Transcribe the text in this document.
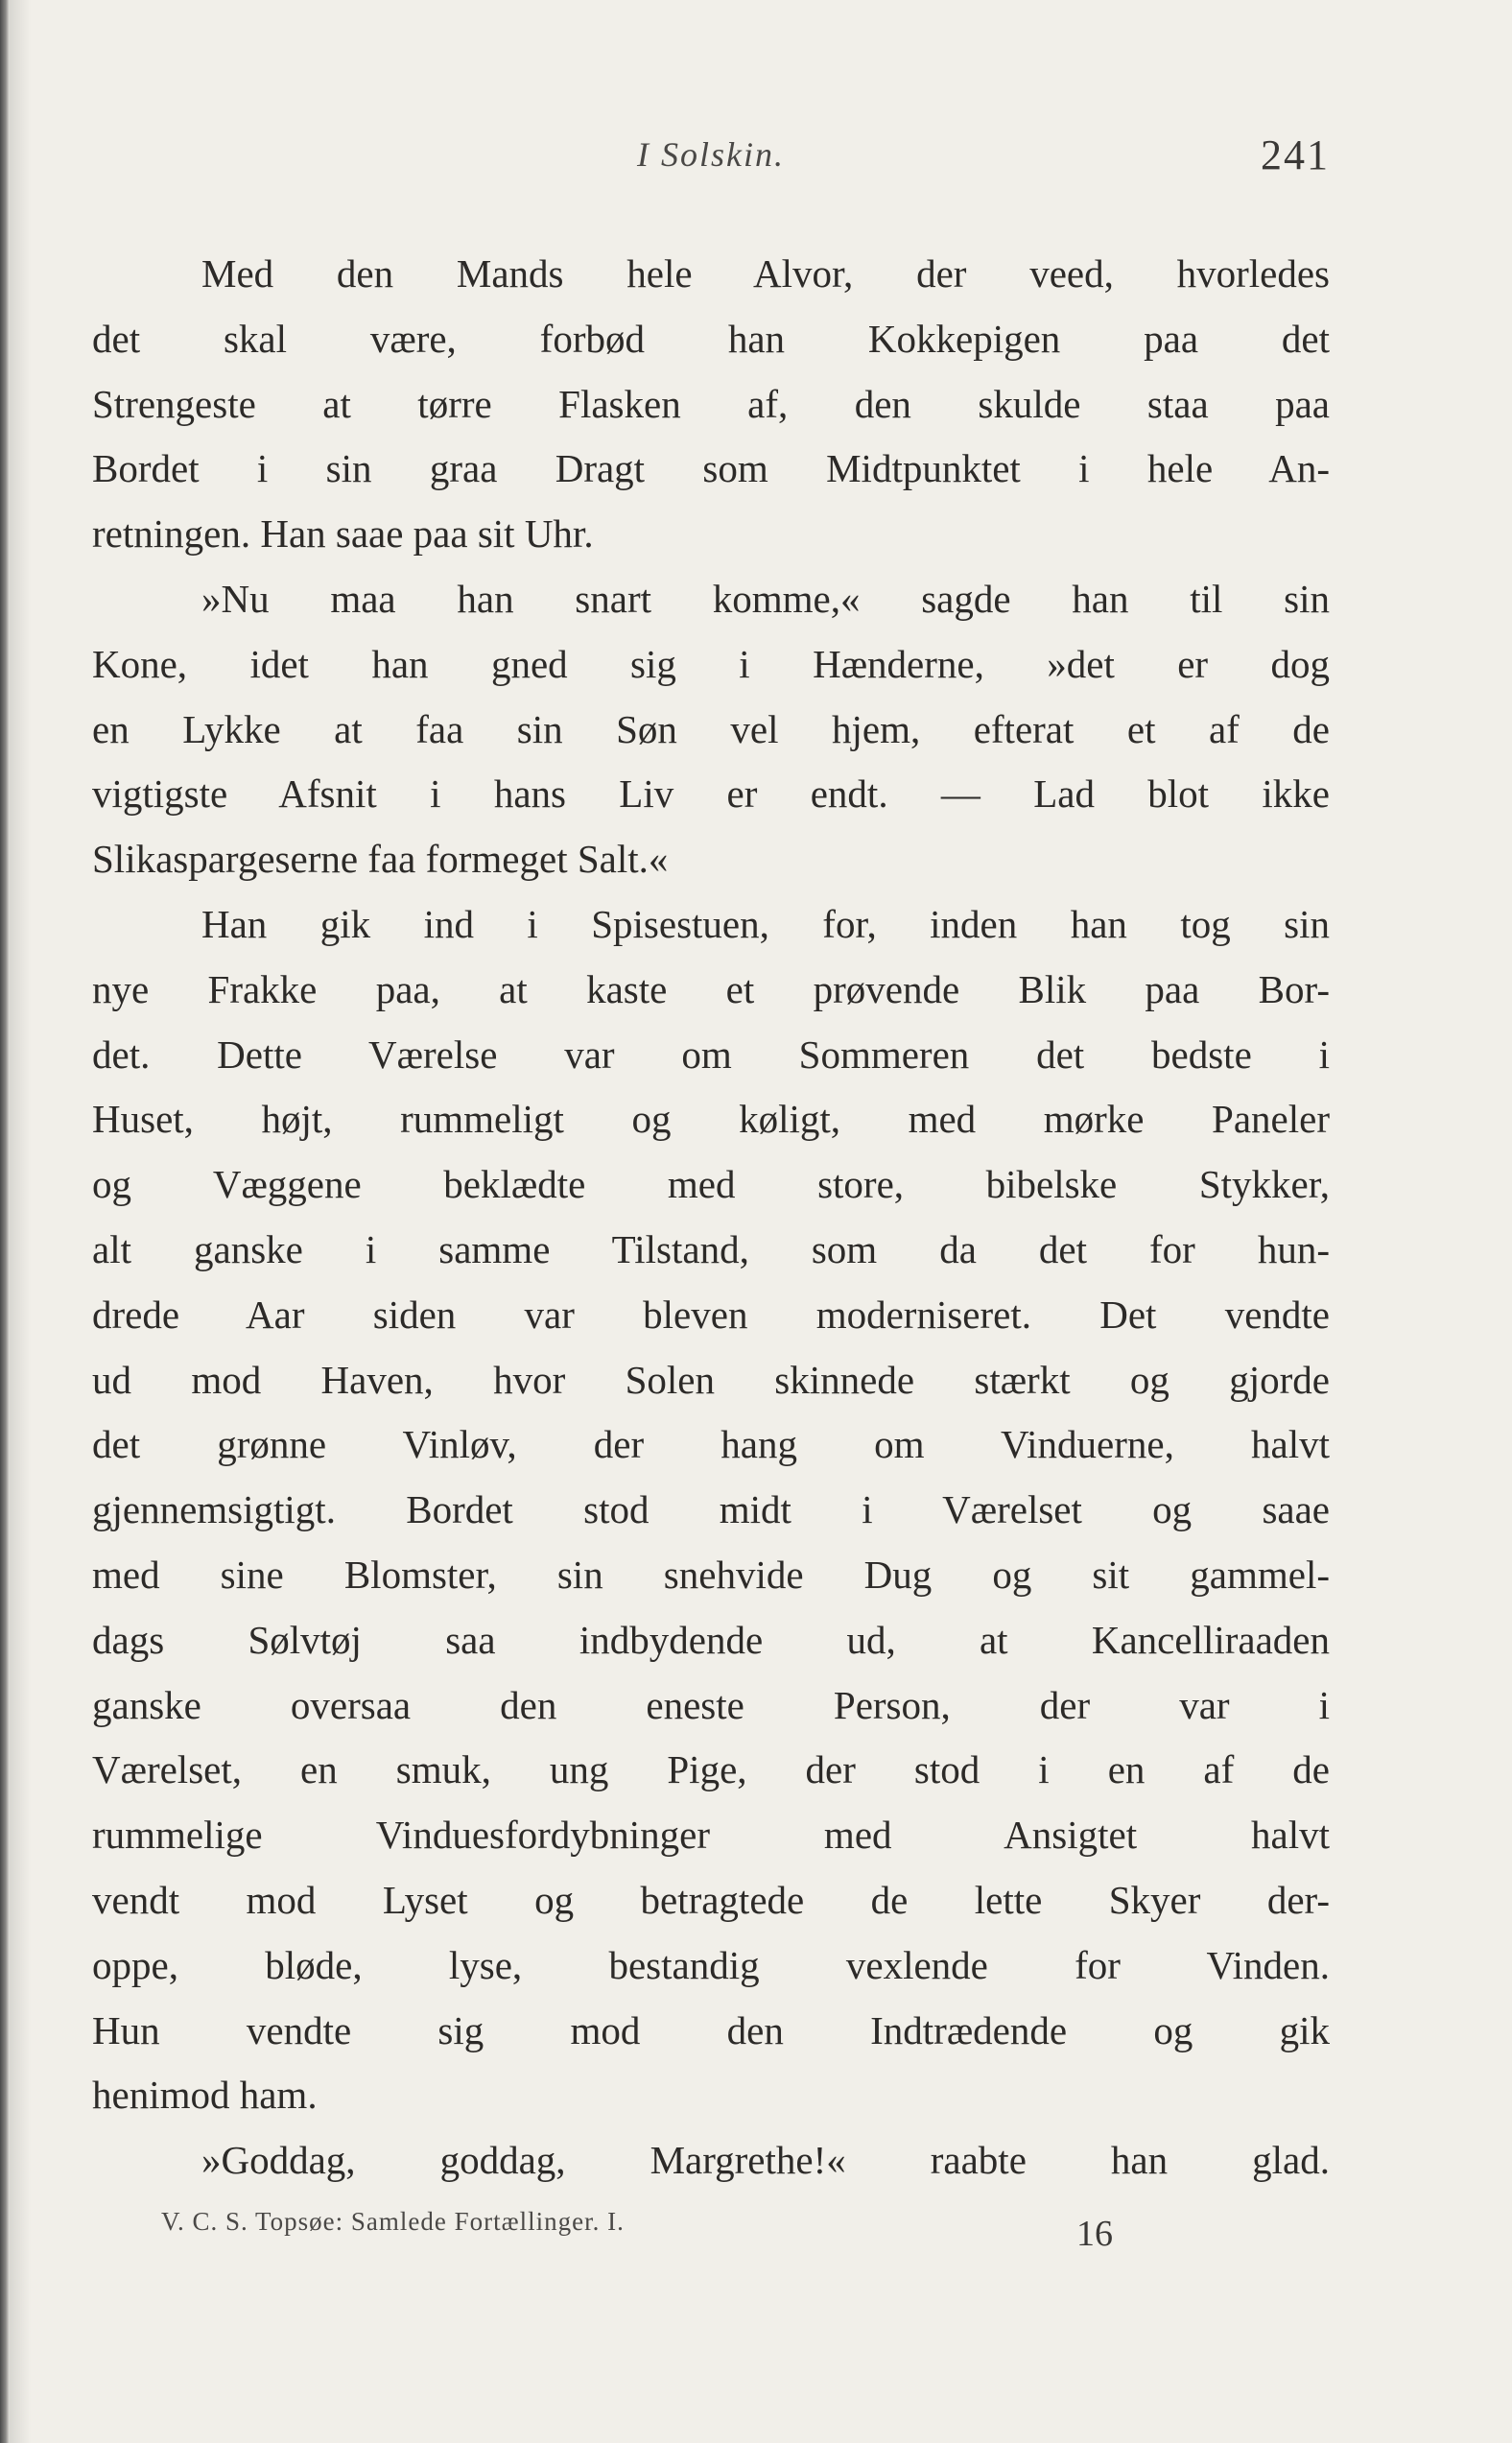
I Solskin.	241
Med den Mands hele Alvor, der veed, hvorledes
det skal være, forbød han Kokkepigen paa det
Strengeste at tørre Flasken af, den skulde staa paa
Bordet i sin graa Dragt som Midtpunktet i hele An-
retningen. Han saae paa sit Uhr.
»Nu maa han snart komme,« sagde han til sin
Kone, idet han gned sig i Hænderne, »det er dog
en Lykke at faa sin Søn vel hjem, efterat et af de
vigtigste Afsnit i hans Liv er endt. — Lad blot ikke
Slikaspargeserne faa formeget Salt.«
Han gik ind i Spisestuen, for, inden han tog sin
nye Frakke paa, at kaste et prøvende Blik paa Bor-
det. Dette Værelse var om Sommeren det bedste i
Huset, højt, rummeligt og køligt, med mørke Paneler
og Væggene beklædte med store, bibelske Stykker,
alt ganske i samme Tilstand, som da det for hun-
drede Aar siden var bleven moderniseret. Det vendte
ud mod Haven, hvor Solen skinnede stærkt og gjorde
det grønne Vinløv, der hang om Vinduerne, halvt
gjennemsigtigt. Bordet stod midt i Værelset og saae
med sine Blomster, sin snehvide Dug og sit gammel-
dags Sølvtøj saa indbydende ud, at Kancelliraaden
ganske oversaa den eneste Person, der var i
Værelset, en smuk, ung Pige, der stod i en af de
rummelige Vinduesfordybninger med Ansigtet halvt
vendt mod Lyset og betragtede de lette Skyer der-
oppe, bløde, lyse, bestandig vexlende for Vinden.
Hun vendte sig mod den Indtrædende og gik
henimod ham.
»Goddag, goddag, Margrethe!« raabte han glad.
V. C. S. Topsøe: Samlede Fortællinger. I.	16
